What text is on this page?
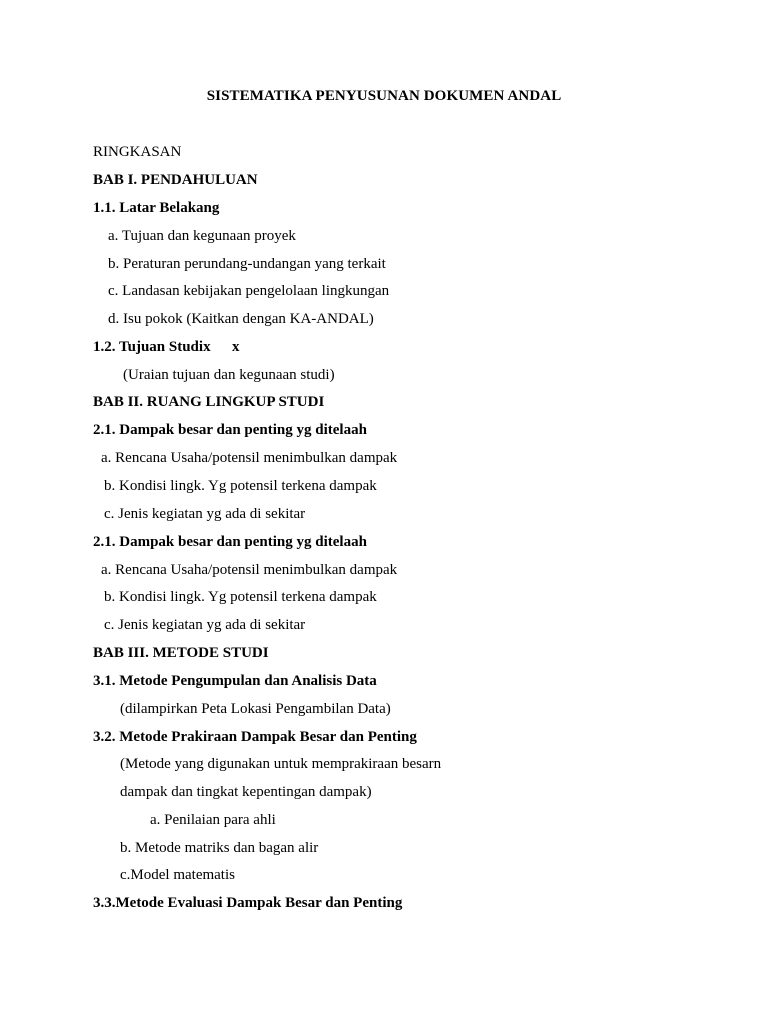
SISTEMATIKA PENYUSUNAN DOKUMEN ANDAL
RINGKASAN
BAB I. PENDAHULUAN
1.1. Latar Belakang
a. Tujuan dan kegunaan proyek
b. Peraturan perundang-undangan yang terkait
c. Landasan kebijakan pengelolaan lingkungan
d. Isu pokok (Kaitkan dengan KA-ANDAL)
1.2. Tujuan Studix x
(Uraian tujuan dan kegunaan studi)
BAB II. RUANG LINGKUP STUDI
2.1. Dampak besar dan penting yg ditelaah
a. Rencana Usaha/potensil menimbulkan dampak
b. Kondisi lingk. Yg potensil terkena dampak
c. Jenis kegiatan yg ada di sekitar
2.1. Dampak besar dan penting yg ditelaah
a. Rencana Usaha/potensil menimbulkan dampak
b. Kondisi lingk. Yg potensil terkena dampak
c. Jenis kegiatan yg ada di sekitar
BAB III. METODE STUDI
3.1. Metode Pengumpulan dan Analisis Data
(dilampirkan Peta Lokasi Pengambilan Data)
3.2. Metode Prakiraan Dampak Besar dan Penting
(Metode yang digunakan untuk memprakiraan besarn
dampak dan tingkat kepentingan dampak)
a. Penilaian para ahli
b. Metode matriks dan bagan alir
c.Model matematis
3.3.Metode Evaluasi Dampak Besar dan Penting
